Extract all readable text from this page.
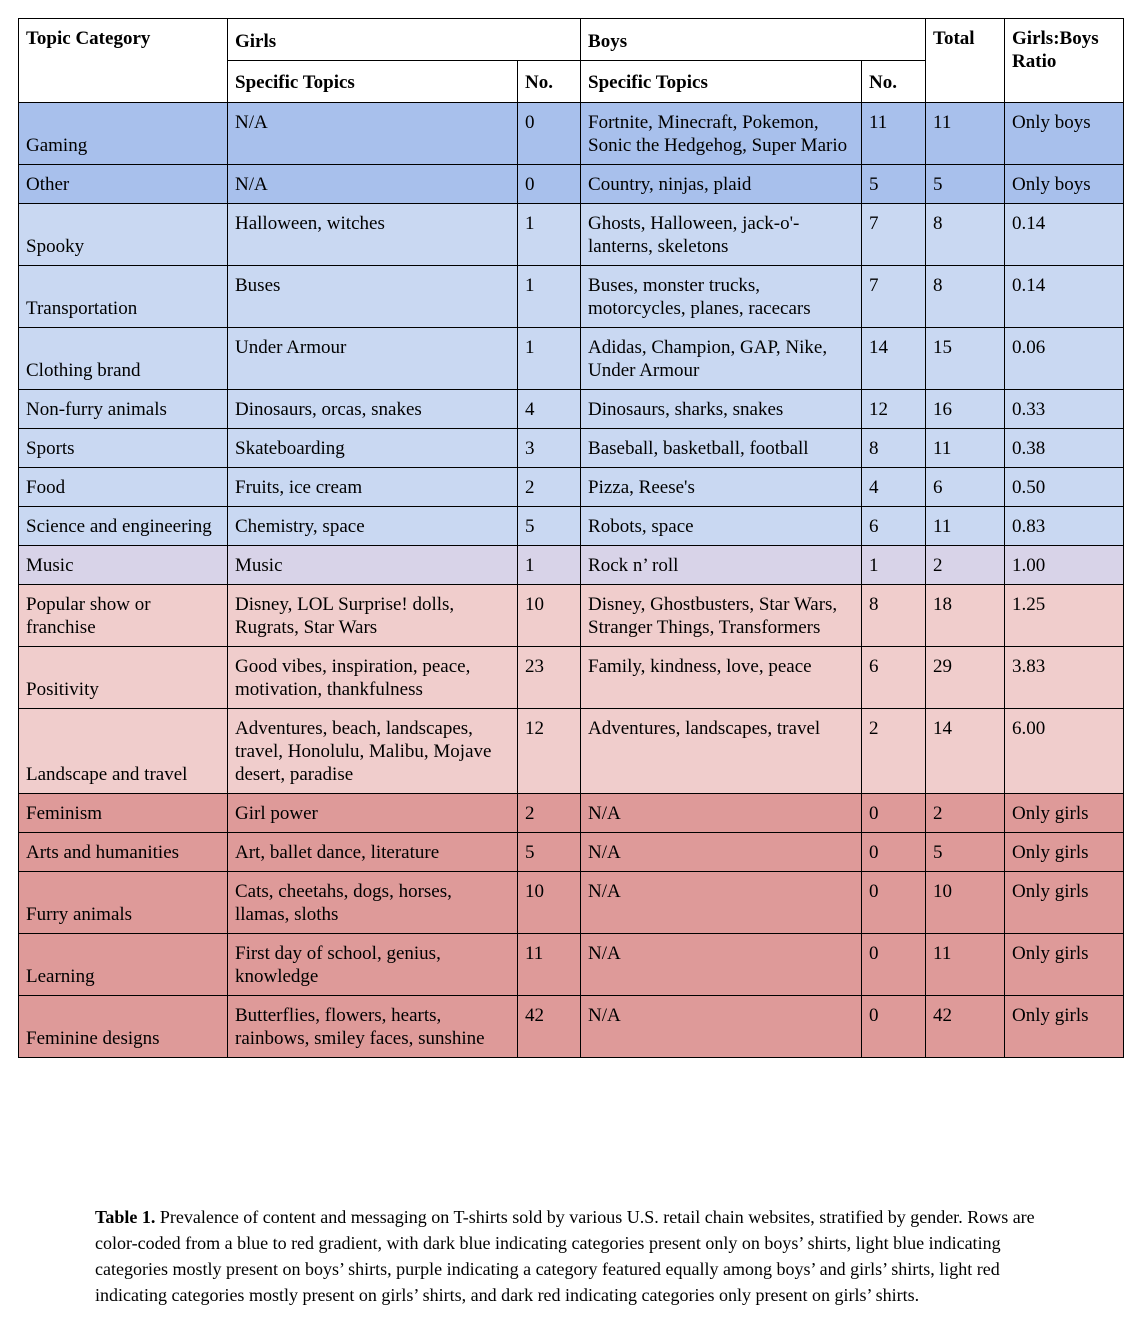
Topic Category	Girls		Boys		Total	Girls:Boys Ratio
	Specific Topics	No.	Specific Topics	No.		
Gaming	N/A	0	Fortnite, Minecraft, Pokemon, Sonic the Hedgehog, Super Mario	11	11	Only boys
Other	N/A	0	Country, ninjas, plaid	5	5	Only boys
Spooky	Halloween, witches	1	Ghosts, Halloween, jack-o'-lanterns, skeletons	7	8	0.14
Transportation	Buses	1	Buses, monster trucks, motorcycles, planes, racecars	7	8	0.14
Clothing brand	Under Armour	1	Adidas, Champion, GAP, Nike, Under Armour	14	15	0.06
Non-furry animals	Dinosaurs, orcas, snakes	4	Dinosaurs, sharks, snakes	12	16	0.33
Sports	Skateboarding	3	Baseball, basketball, football	8	11	0.38
Food	Fruits, ice cream	2	Pizza, Reese's	4	6	0.50
Science and engineering	Chemistry, space	5	Robots, space	6	11	0.83
Music	Music	1	Rock n’ roll	1	2	1.00
Popular show or franchise	Disney, LOL Surprise! dolls, Rugrats, Star Wars	10	Disney, Ghostbusters, Star Wars, Stranger Things, Transformers	8	18	1.25
Positivity	Good vibes, inspiration, peace, motivation, thankfulness	23	Family, kindness, love, peace	6	29	3.83
Landscape and travel	Adventures, beach, landscapes, travel, Honolulu, Malibu, Mojave desert, paradise	12	Adventures, landscapes, travel	2	14	6.00
Feminism	Girl power	2	N/A	0	2	Only girls
Arts and humanities	Art, ballet dance, literature	5	N/A	0	5	Only girls
Furry animals	Cats, cheetahs, dogs, horses, llamas, sloths	10	N/A	0	10	Only girls
Learning	First day of school, genius, knowledge	11	N/A	0	11	Only girls
Feminine designs	Butterflies, flowers, hearts, rainbows, smiley faces, sunshine	42	N/A	0	42	Only girls

Table 1. Prevalence of content and messaging on T-shirts sold by various U.S. retail chain websites, stratified by gender. Rows are color-coded from a blue to red gradient, with dark blue indicating categories present only on boys’ shirts, light blue indicating categories mostly present on boys’ shirts, purple indicating a category featured equally among boys’ and girls’ shirts, light red indicating categories mostly present on girls’ shirts, and dark red indicating categories only present on girls’ shirts.
